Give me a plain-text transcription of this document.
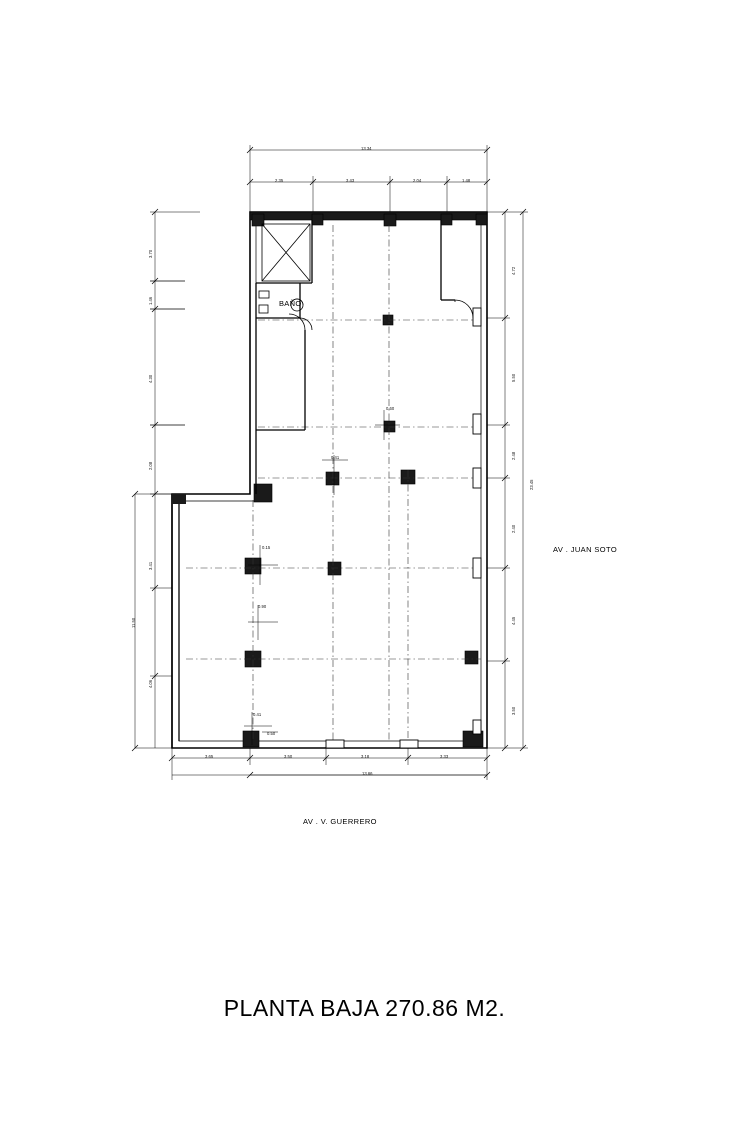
13.34
2.35	3.43	2.04	1.48
3.65	3.50	3.18	3.33
13.66
4.72
5.50
2.48
2.40
4.45
3.50
23.45
3.70
1.46
4.30
2.08
3.41
4.06
11.50
0.60
0.41
0.15
0.90
0.41
0.50
BAÑO
AV . JUAN SOTO
AV . V. GUERRERO
PLANTA BAJA 270.86 M2.
